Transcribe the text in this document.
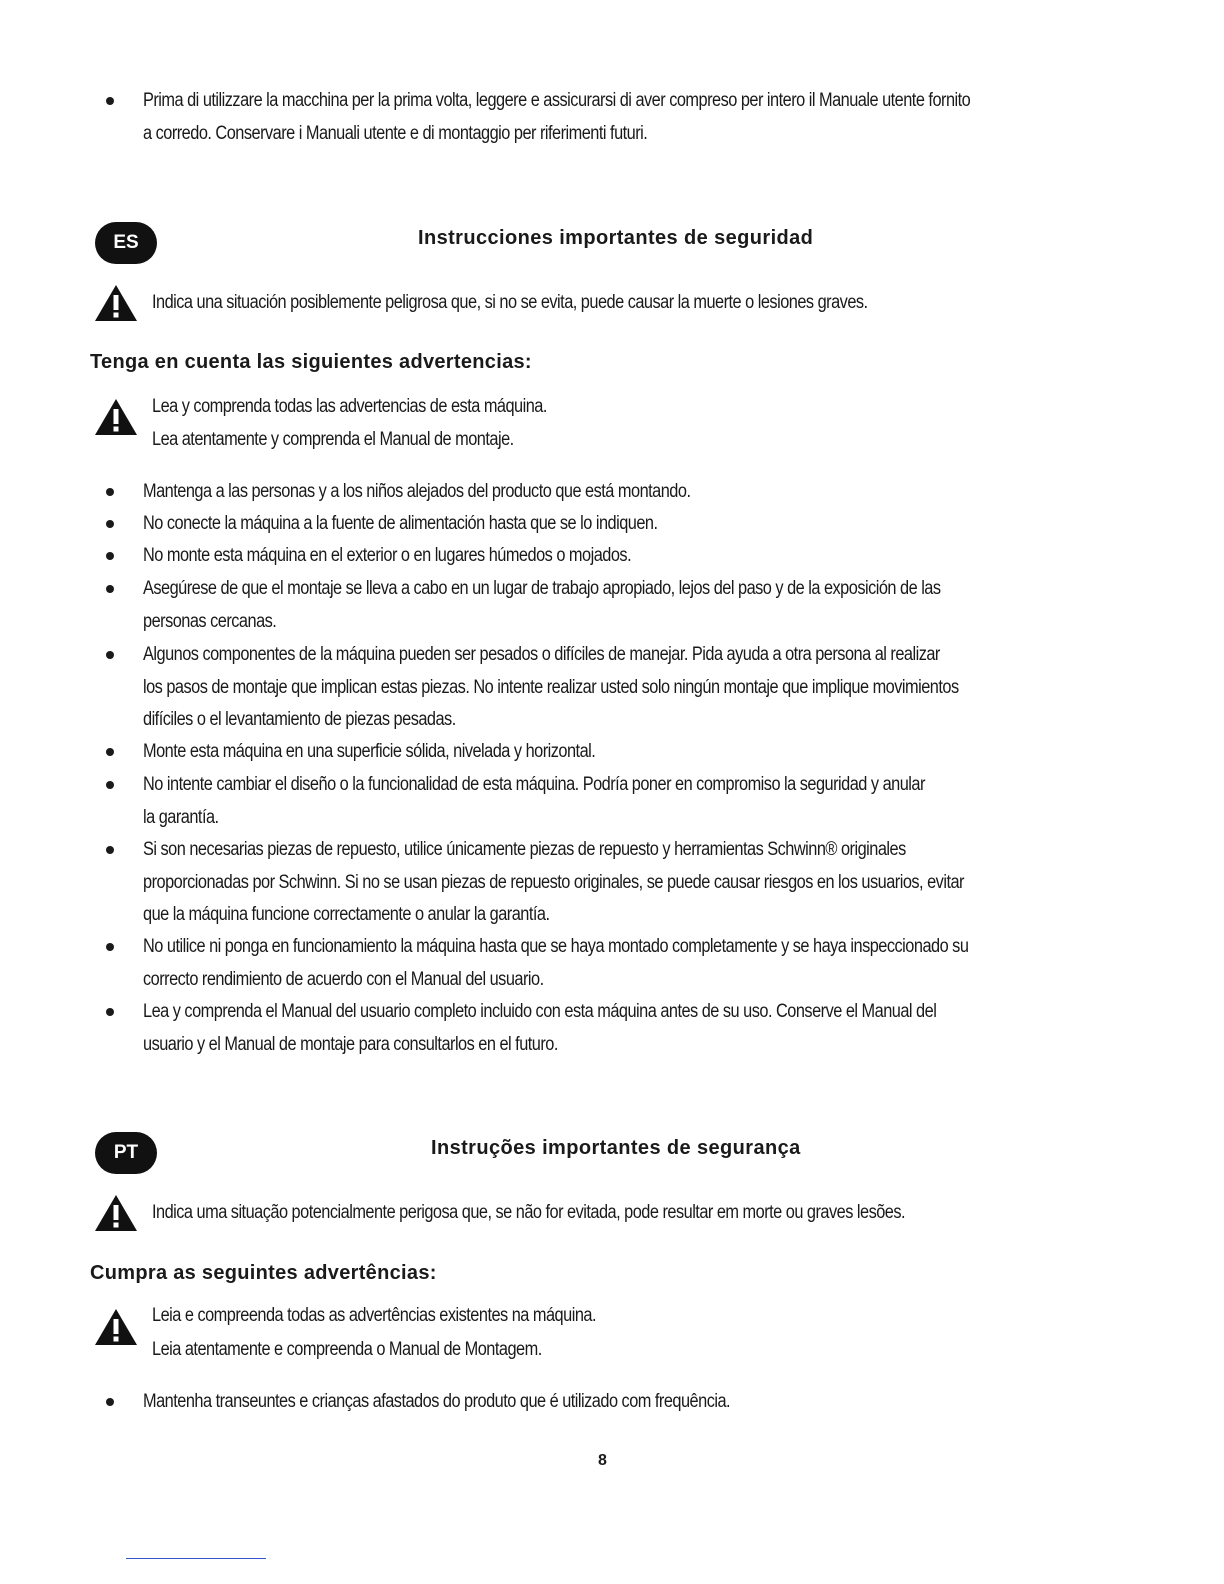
Prima di utilizzare la macchina per la prima volta, leggere e assicurarsi di aver compreso per intero il Manuale utente fornito
a corredo. Conservare i Manuali utente e di montaggio per riferimenti futuri.
ES	Instrucciones importantes de seguridad
Indica una situación posiblemente peligrosa que, si no se evita, puede causar la muerte o lesiones graves.
Tenga en cuenta las siguientes advertencias:
Lea y comprenda todas las advertencias de esta máquina.
Lea atentamente y comprenda el Manual de montaje.
Mantenga a las personas y a los niños alejados del producto que está montando.
No conecte la máquina a la fuente de alimentación hasta que se lo indiquen.
No monte esta máquina en el exterior o en lugares húmedos o mojados.
Asegúrese de que el montaje se lleva a cabo en un lugar de trabajo apropiado, lejos del paso y de la exposición de las
personas cercanas.
Algunos componentes de la máquina pueden ser pesados o difíciles de manejar. Pida ayuda a otra persona al realizar
los pasos de montaje que implican estas piezas. No intente realizar usted solo ningún montaje que implique movimientos
difíciles o el levantamiento de piezas pesadas.
Monte esta máquina en una superficie sólida, nivelada y horizontal.
No intente cambiar el diseño o la funcionalidad de esta máquina. Podría poner en compromiso la seguridad y anular
la garantía.
Si son necesarias piezas de repuesto, utilice únicamente piezas de repuesto y herramientas Schwinn® originales
proporcionadas por Schwinn. Si no se usan piezas de repuesto originales, se puede causar riesgos en los usuarios, evitar
que la máquina funcione correctamente o anular la garantía.
No utilice ni ponga en funcionamiento la máquina hasta que se haya montado completamente y se haya inspeccionado su
correcto rendimiento de acuerdo con el Manual del usuario.
Lea y comprenda el Manual del usuario completo incluido con esta máquina antes de su uso. Conserve el Manual del
usuario y el Manual de montaje para consultarlos en el futuro.
PT	Instruções importantes de segurança
Indica uma situação potencialmente perigosa que, se não for evitada, pode resultar em morte ou graves lesões.
Cumpra as seguintes advertências:
Leia e compreenda todas as advertências existentes na máquina.
Leia atentamente e compreenda o Manual de Montagem.
Mantenha transeuntes e crianças afastados do produto que é utilizado com frequência.
8
